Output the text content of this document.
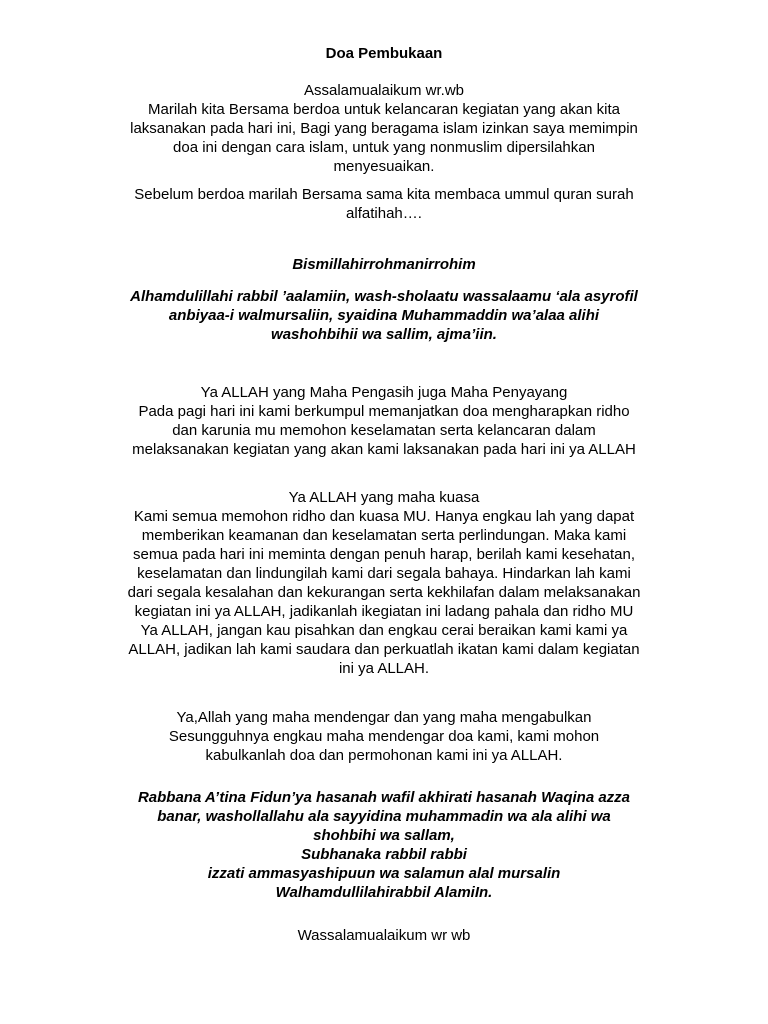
Doa Pembukaan
Assalamualaikum wr.wb
Marilah kita Bersama berdoa untuk kelancaran kegiatan yang akan kita
laksanakan pada hari ini, Bagi yang beragama islam izinkan saya memimpin
doa ini dengan cara islam, untuk yang nonmuslim dipersilahkan
menyesuaikan.
Sebelum berdoa marilah Bersama sama kita membaca ummul quran surah
alfatihah….
Bismillahirrohmanirrohim
Alhamdulillahi rabbil ’aalamiin, wash-sholaatu wassalaamu ‘ala asyrofil
anbiyaa-i walmursaliin, syaidina Muhammaddin wa’alaa alihi
washohbihii wa sallim, ajma’iin.
Ya ALLAH yang Maha Pengasih juga Maha Penyayang
Pada pagi hari ini kami berkumpul memanjatkan doa mengharapkan ridho
dan karunia mu memohon keselamatan serta kelancaran dalam
melaksanakan kegiatan yang akan kami laksanakan pada hari ini ya ALLAH
Ya ALLAH yang maha kuasa
Kami semua memohon ridho dan kuasa MU. Hanya engkau lah yang dapat
memberikan keamanan dan keselamatan serta perlindungan. Maka kami
semua pada hari ini meminta dengan penuh harap, berilah kami kesehatan,
keselamatan dan lindungilah kami dari segala bahaya. Hindarkan lah kami
dari segala kesalahan dan kekurangan serta kekhilafan dalam melaksanakan
kegiatan ini ya ALLAH, jadikanlah ikegiatan ini ladang pahala dan ridho MU
Ya ALLAH, jangan kau pisahkan dan engkau cerai beraikan kami kami ya
ALLAH, jadikan lah kami saudara dan perkuatlah ikatan kami dalam kegiatan
ini ya ALLAH.
Ya,Allah yang maha mendengar dan yang maha mengabulkan
Sesungguhnya engkau maha mendengar doa kami, kami mohon
kabulkanlah doa dan permohonan kami ini ya ALLAH.
Rabbana A’tina Fidun’ya hasanah wafil akhirati hasanah Waqina azza
banar, washollallahu ala sayyidina muhammadin wa ala alihi wa
shohbihi wa sallam,
Subhanaka rabbil rabbi
izzati ammasyashipuun wa salamun alal mursalin
Walhamdullilahirabbil AlamiIn.
Wassalamualaikum wr wb
